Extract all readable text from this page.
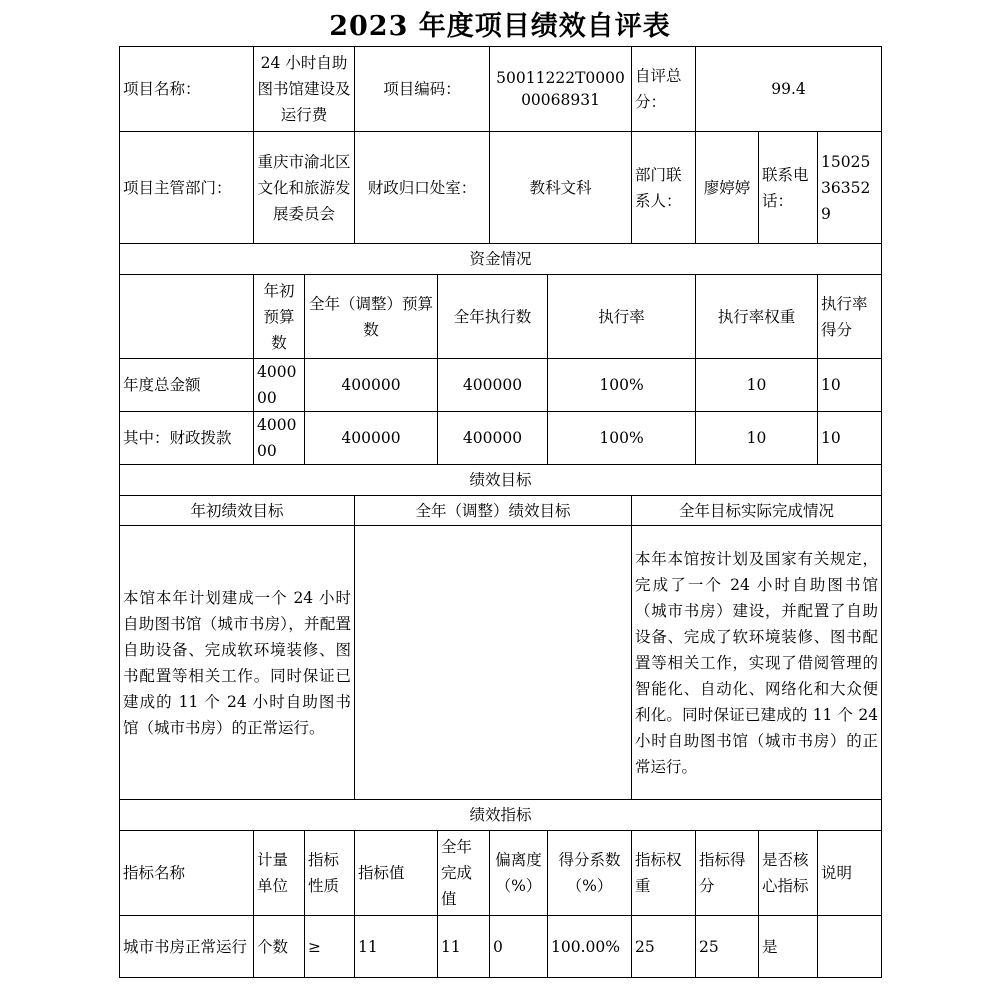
2023 年度项目绩效自评表
项目名称：	24 小时自助图书馆建设及运行费		项目编码：		50011222T000000068931		自评总分：	99.4		
项目主管部门：	重庆市渝北区文化和旅游发展委员会		财政归口处室：		教科文科		部门联系人：	廖婷婷	联系电话：	15025363529
资金情况										
	年初预算数	全年（调整）预算数		全年执行数		执行率		执行率权重		执行率得分
年度总金额	400000	400000		400000		100%		10		10
其中：财政拨款	400000	400000		400000		100%		10		10
绩效目标										
年初绩效目标			全年（调整）绩效目标				全年目标实际完成情况			
本馆本年计划建成一个 24 小时自助图书馆（城市书房），并配置自助设备、完成软环境装修、图书配置等相关工作。同时保证已建成的 11 个 24 小时自助图书馆（城市书房）的正常运行。							本年本馆按计划及国家有关规定，完成了一个 24 小时自助图书馆（城市书房）建设，并配置了自助设备、完成了软环境装修、图书配置等相关工作，实现了借阅管理的智能化、自动化、网络化和大众便利化。同时保证已建成的 11 个 24 小时自助图书馆（城市书房）的正常运行。			
绩效指标										
指标名称	计量单位	指标性质	指标值	全年完成值	偏离度（%）	得分系数（%）	指标权重	指标得分	是否核心指标	说明
城市书房正常运行	个数	≥	11	11	0	100.00%	25	25	是	
